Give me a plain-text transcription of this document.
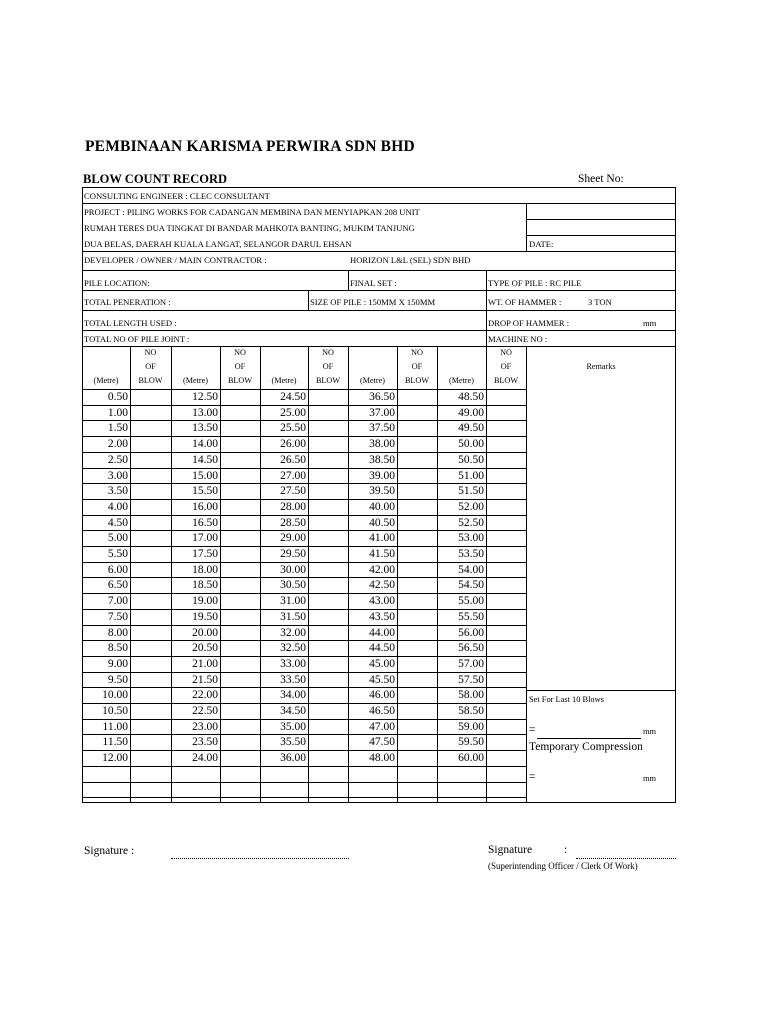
PEMBINAAN KARISMA PERWIRA SDN BHD
BLOW COUNT RECORD	Sheet No:
CONSULTING ENGINEER : CLEC CONSULTANT
PROJECT : PILING WORKS FOR CADANGAN MEMBINA DAN MENYIAPKAN 208 UNIT
RUMAH TERES DUA TINGKAT DI BANDAR MAHKOTA BANTING, MUKIM TANJUNG
DUA BELAS, DAERAH KUALA LANGAT, SELANGOR DARUL EHSAN	DATE:
DEVELOPER / OWNER / MAIN CONTRACTOR :	HORIZON L&L (SEL) SDN BHD
PILE LOCATION:	FINAL SET :	TYPE OF PILE : RC PILE
TOTAL PENERATION :	SIZE OF PILE : 150MM X 150MM	WT. OF HAMMER :	3 TON
TOTAL LENGTH USED :	DROP OF HAMMER :	mm
TOTAL NO OF PILE JOINT :	MACHINE NO :
(Metre)
NO
OF
BLOW	(Metre)
NO
OF
BLOW	(Metre)
NO
OF
BLOW	(Metre)
NO
OF
BLOW	(Metre)
NO
OF
BLOW
0.50	12.50	24.50	36.50	48.50
1.00	13.00	25.00	37.00	49.00
1.50	13.50	25.50	37.50	49.50
2.00	14.00	26.00	38.00	50.00
2.50	14.50	26.50	38.50	50.50
3.00	15.00	27.00	39.00	51.00
3.50	15.50	27.50	39.50	51.50
4.00	16.00	28.00	40.00	52.00
4.50	16.50	28.50	40.50	52.50
5.00	17.00	29.00	41.00	53.00
5.50	17.50	29.50	41.50	53.50
6.00	18.00	30.00	42.00	54.00
6.50	18.50	30.50	42.50	54.50
7.00	19.00	31.00	43.00	55.00
7.50	19.50	31.50	43.50	55.50
8.00	20.00	32.00	44.00	56.00
8.50	20.50	32.50	44.50	56.50
9.00	21.00	33.00	45.00	57.00
9.50	21.50	33.50	45.50	57.50
10.00	22.00	34.00	46.00	58.00
10.50	22.50	34.50	46.50	58.50
11.00	23.00	35.00	47.00	59.00
11.50	23.50	35.50	47.50	59.50
12.00	24.00	36.00	48.00	60.00
Remarks
Set For Last 10 Blows
=	mm
Temporary Compression
=	mm
Signature :	Signature	:
(Superintending Officer / Clerk Of Work)
